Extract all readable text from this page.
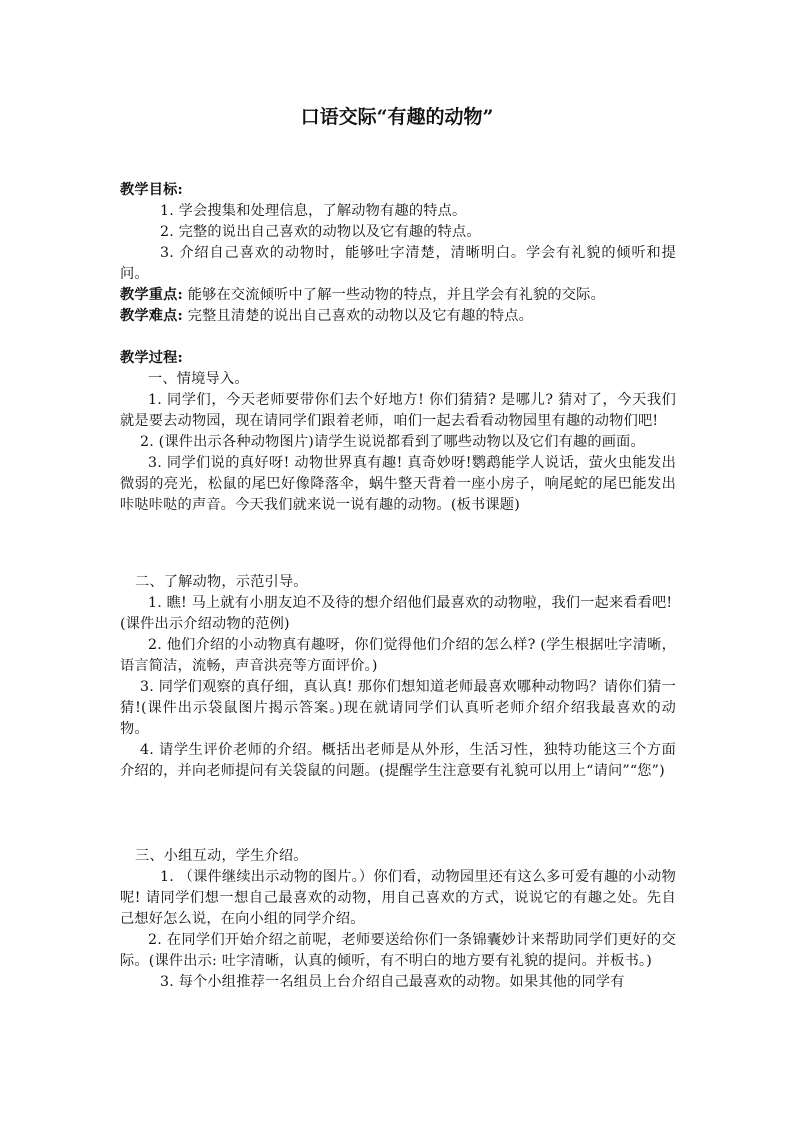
口语交际“有趣的动物”

教学目标:

1. 学会搜集和处理信息，了解动物有趣的特点。

2. 完整的说出自己喜欢的动物以及它有趣的特点。

3. 介绍自己喜欢的动物时，能够吐字清楚，清晰明白。学会有礼貌的倾听和提问。

教学重点: 能够在交流倾听中了解一些动物的特点，并且学会有礼貌的交际。

教学难点: 完整且清楚的说出自己喜欢的动物以及它有趣的特点。

教学过程:

一、情境导入。

1. 同学们，今天老师要带你们去个好地方! 你们猜猜? 是哪儿? 猜对了，今天我们就是要去动物园，现在请同学们跟着老师，咱们一起去看看动物园里有趣的动物们吧!

2. (课件出示各种动物图片)请学生说说都看到了哪些动物以及它们有趣的画面。

3. 同学们说的真好呀! 动物世界真有趣! 真奇妙呀!鹦鹉能学人说话，萤火虫能发出微弱的亮光，松鼠的尾巴好像降落伞，蜗牛整天背着一座小房子，响尾蛇的尾巴能发出咔哒咔哒的声音。今天我们就来说一说有趣的动物。(板书课题)

二、了解动物，示范引导。

1. 瞧! 马上就有小朋友迫不及待的想介绍他们最喜欢的动物啦，我们一起来看看吧!

(课件出示介绍动物的范例)

2. 他们介绍的小动物真有趣呀，你们觉得他们介绍的怎么样? (学生根据吐字清晰，语言简洁，流畅，声音洪亮等方面评价。)

3. 同学们观察的真仔细，真认真! 那你们想知道老师最喜欢哪种动物吗？请你们猜一猜!(课件出示袋鼠图片揭示答案。)现在就请同学们认真听老师介绍介绍我最喜欢的动物。

4. 请学生评价老师的介绍。概括出老师是从外形，生活习性，独特功能这三个方面介绍的，并向老师提问有关袋鼠的问题。(提醒学生注意要有礼貌可以用上“请问”“您”)

三、小组互动，学生介绍。

1. （课件继续出示动物的图片。）你们看，动物园里还有这么多可爱有趣的小动物呢! 请同学们想一想自己最喜欢的动物，用自己喜欢的方式，说说它的有趣之处。先自己想好怎么说，在向小组的同学介绍。

2. 在同学们开始介绍之前呢，老师要送给你们一条锦囊妙计来帮助同学们更好的交际。(课件出示: 吐字清晰，认真的倾听，有不明白的地方要有礼貌的提问。并板书。)

3. 每个小组推荐一名组员上台介绍自己最喜欢的动物。如果其他的同学有
